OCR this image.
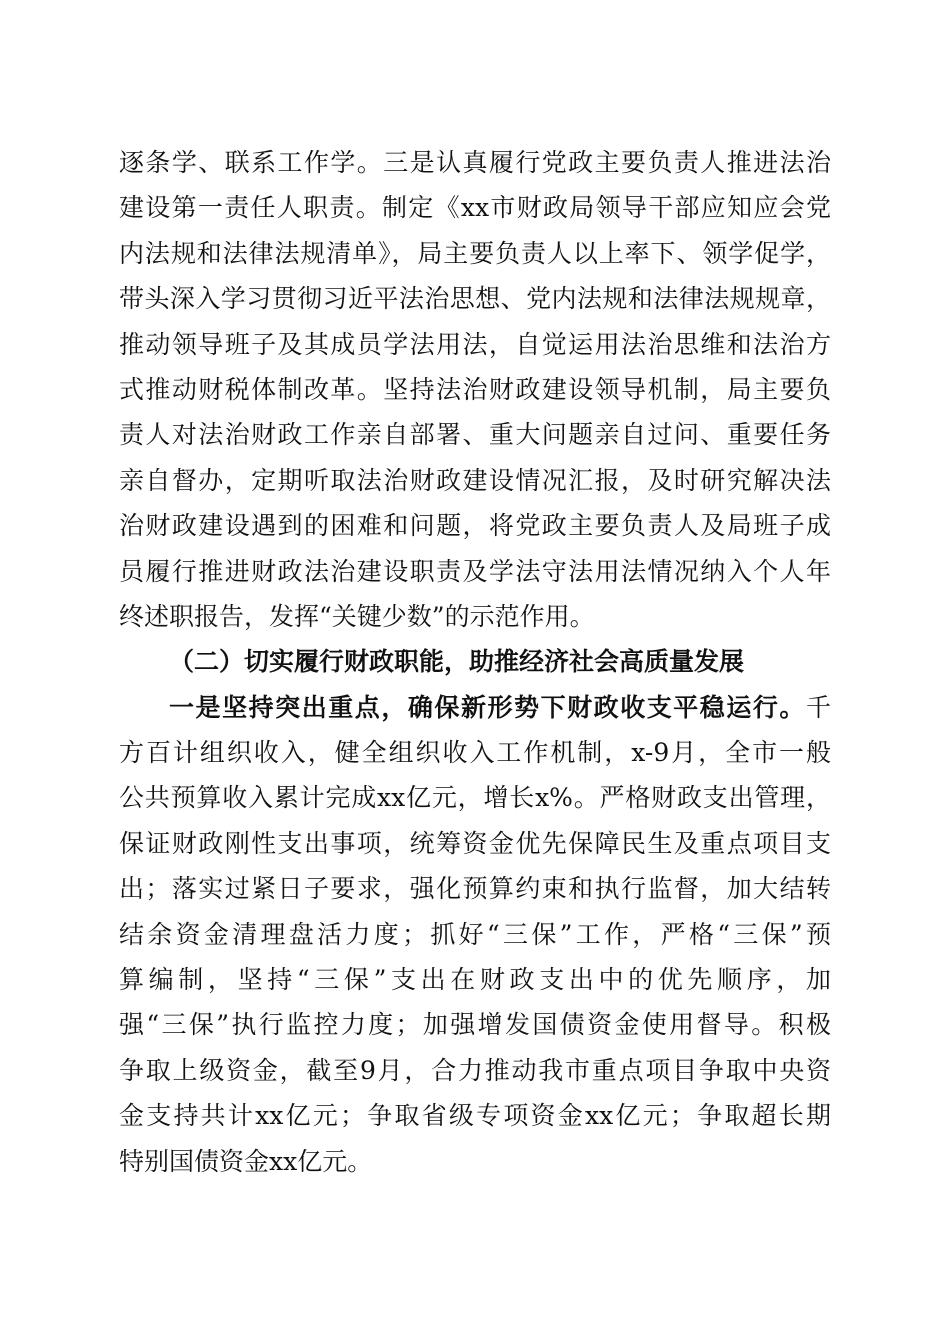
逐条学、联系工作学。三是认真履行党政主要负责人推进法治
建设第一责任人职责。制定《xx市财政局领导干部应知应会党
内法规和法律法规清单》，局主要负责人以上率下、领学促学，
带头深入学习贯彻习近平法治思想、党内法规和法律法规规章，
推动领导班子及其成员学法用法，自觉运用法治思维和法治方
式推动财税体制改革。坚持法治财政建设领导机制，局主要负
责人对法治财政工作亲自部署、重大问题亲自过问、重要任务
亲自督办，定期听取法治财政建设情况汇报，及时研究解决法
治财政建设遇到的困难和问题，将党政主要负责人及局班子成
员履行推进财政法治建设职责及学法守法用法情况纳入个人年
终述职报告，发挥“关键少数”的示范作用。
（二）切实履行财政职能，助推经济社会高质量发展
一是坚持突出重点，确保新形势下财政收支平稳运行。千
方百计组织收入，健全组织收入工作机制，x-9月，全市一般
公共预算收入累计完成xx亿元，增长x%。严格财政支出管理，
保证财政刚性支出事项，统筹资金优先保障民生及重点项目支
出；落实过紧日子要求，强化预算约束和执行监督，加大结转
结余资金清理盘活力度；抓好“三保”工作，严格“三保”预
算编制，坚持“三保”支出在财政支出中的优先顺序，加
强“三保”执行监控力度；加强增发国债资金使用督导。积极
争取上级资金，截至9月，合力推动我市重点项目争取中央资
金支持共计xx亿元；争取省级专项资金xx亿元；争取超长期
特别国债资金xx亿元。
